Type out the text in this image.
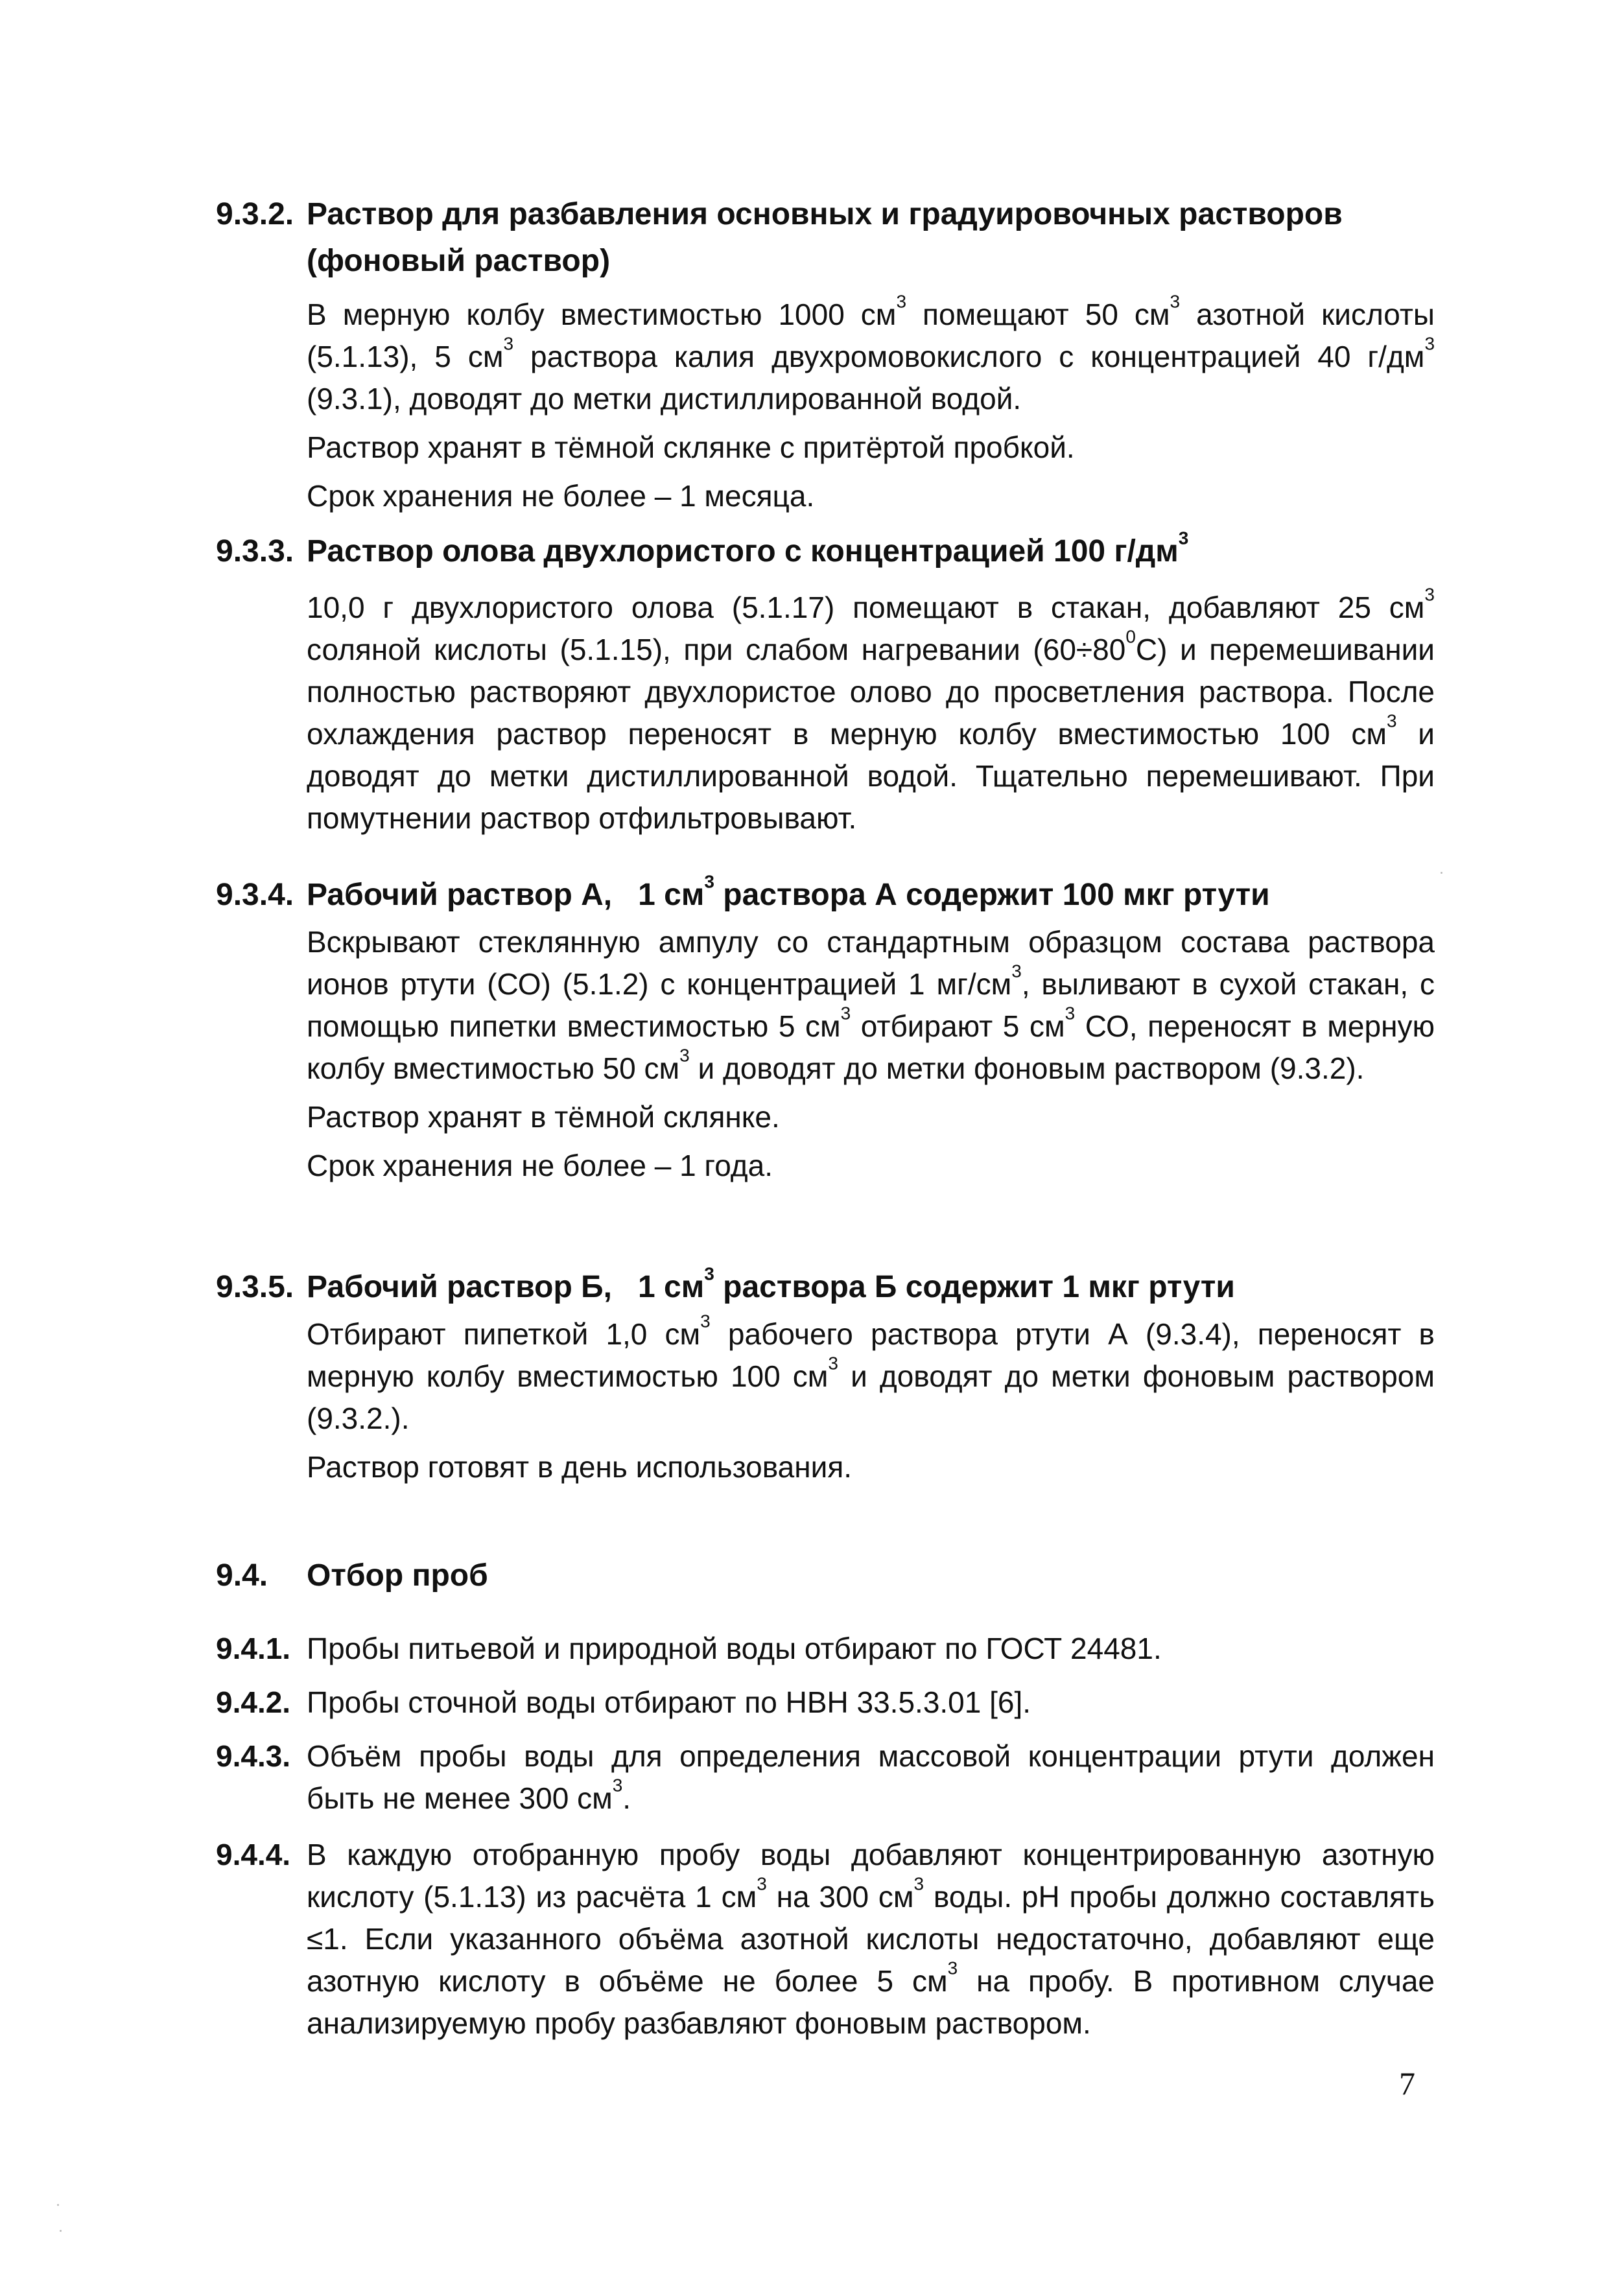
9.3.2. Раствор для разбавления основных и градуировочных растворов (фоновый раствор)

В мерную колбу вместимостью 1000 $см^3$ помещают 50 $см^3$ азотной кислоты (5.1.13), 5 $см^3$ раствора калия двухромовокислого с концентрацией 40 $г/дм^3$ (9.3.1), доводят до метки дистиллированной водой.

Раствор хранят в тёмной склянке с притёртой пробкой.

Срок хранения не более – 1 месяца.

9.3.3. Раствор олова двухлористого с концентрацией 100 $г/дм^3$

10,0 г двухлористого олова (5.1.17) помещают в стакан, добавляют 25 $см^3$ соляной кислоты (5.1.15), при слабом нагревании $(60\div 80^0С)$ и перемешивании полностью растворяют двухлористое олово до просветления раствора. После охлаждения раствор переносят в мерную колбу вместимостью 100 $см^3$ и доводят до метки дистиллированной водой. Тщательно перемешивают. При помутнении раствор отфильтровывают.

9.3.4. Рабочий раствор А,   1 $см^3$ раствора А содержит 100 мкг ртути

Вскрывают стеклянную ампулу со стандартным образцом состава раствора ионов ртути (СО) (5.1.2) с концентрацией 1 $мг/см^3$, выливают в сухой стакан, с помощью пипетки вместимостью 5 $см^3$ отбирают 5 $см^3$ СО, переносят в мерную колбу вместимостью 50 $см^3$ и доводят до метки фоновым раствором (9.3.2).

Раствор хранят в тёмной склянке.

Срок хранения не более – 1 года.

9.3.5. Рабочий раствор Б,   1 $см^3$ раствора Б содержит 1 мкг ртути

Отбирают пипеткой 1,0 $см^3$ рабочего раствора ртути А (9.3.4), переносят в мерную колбу вместимостью 100 $см^3$ и доводят до метки фоновым раствором (9.3.2.).

Раствор готовят в день использования.

9.4.	Отбор проб
9.4.1. Пробы питьевой и природной воды отбирают по ГОСТ 24481.
9.4.2. Пробы сточной воды отбирают по НВН 33.5.3.01 [6].
9.4.3. Объём пробы воды для определения массовой концентрации ртути должен быть не менее 300 $см^3$.
9.4.4. В каждую отобранную пробу воды добавляют концентрированную азотную кислоту (5.1.13) из расчёта 1 $см^3$ на 300 $см^3$ воды. рН пробы должно составлять ≤1. Если указанного объёма азотной кислоты недостаточно, добавляют еще азотную кислоту в объёме не более 5 $см^3$ на пробу. В противном случае анализируемую пробу разбавляют фоновым раствором.
7
